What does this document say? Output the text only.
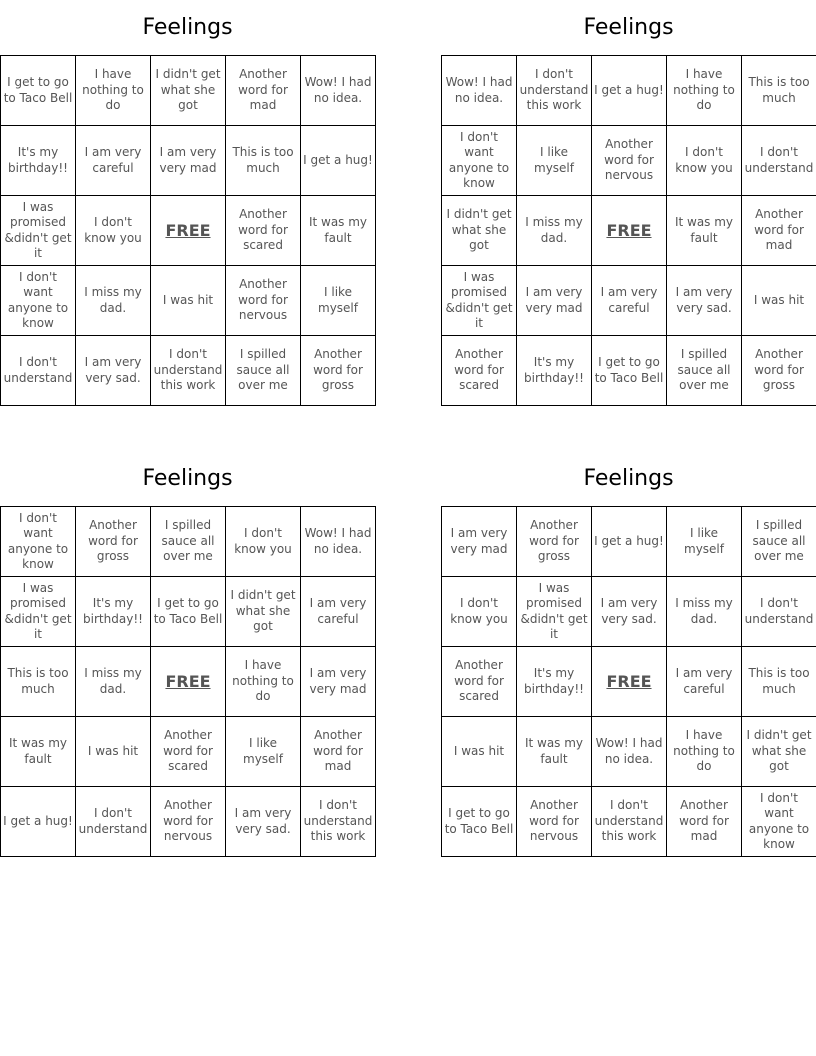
Feelings
I get to go to Taco Bell	I have nothing to do	I didn't get what she got	Another word for mad	Wow! I had no idea.
It's my birthday!!	I am very careful	I am very very mad	This is too much	I get a hug!
I was promised &didn't get it	I don't know you	FREE	Another word for scared	It was my fault
I don't want anyone to know	I miss my dad.	I was hit	Another word for nervous	I like myself
I don't understand	I am very very sad.	I don't understand this work	I spilled sauce all over me	Another word for gross
Feelings
Wow! I had no idea.	I don't understand this work	I get a hug!	I have nothing to do	This is too much
I don't want anyone to know	I like myself	Another word for nervous	I don't know you	I don't understand
I didn't get what she got	I miss my dad.	FREE	It was my fault	Another word for mad
I was promised &didn't get it	I am very very mad	I am very careful	I am very very sad.	I was hit
Another word for scared	It's my birthday!!	I get to go to Taco Bell	I spilled sauce all over me	Another word for gross
Feelings
I don't want anyone to know	Another word for gross	I spilled sauce all over me	I don't know you	Wow! I had no idea.
I was promised &didn't get it	It's my birthday!!	I get to go to Taco Bell	I didn't get what she got	I am very careful
This is too much	I miss my dad.	FREE	I have nothing to do	I am very very mad
It was my fault	I was hit	Another word for scared	I like myself	Another word for mad
I get a hug!	I don't understand	Another word for nervous	I am very very sad.	I don't understand this work
Feelings
I am very very mad	Another word for gross	I get a hug!	I like myself	I spilled sauce all over me
I don't know you	I was promised &didn't get it	I am very very sad.	I miss my dad.	I don't understand
Another word for scared	It's my birthday!!	FREE	I am very careful	This is too much
I was hit	It was my fault	Wow! I had no idea.	I have nothing to do	I didn't get what she got
I get to go to Taco Bell	Another word for nervous	I don't understand this work	Another word for mad	I don't want anyone to know
